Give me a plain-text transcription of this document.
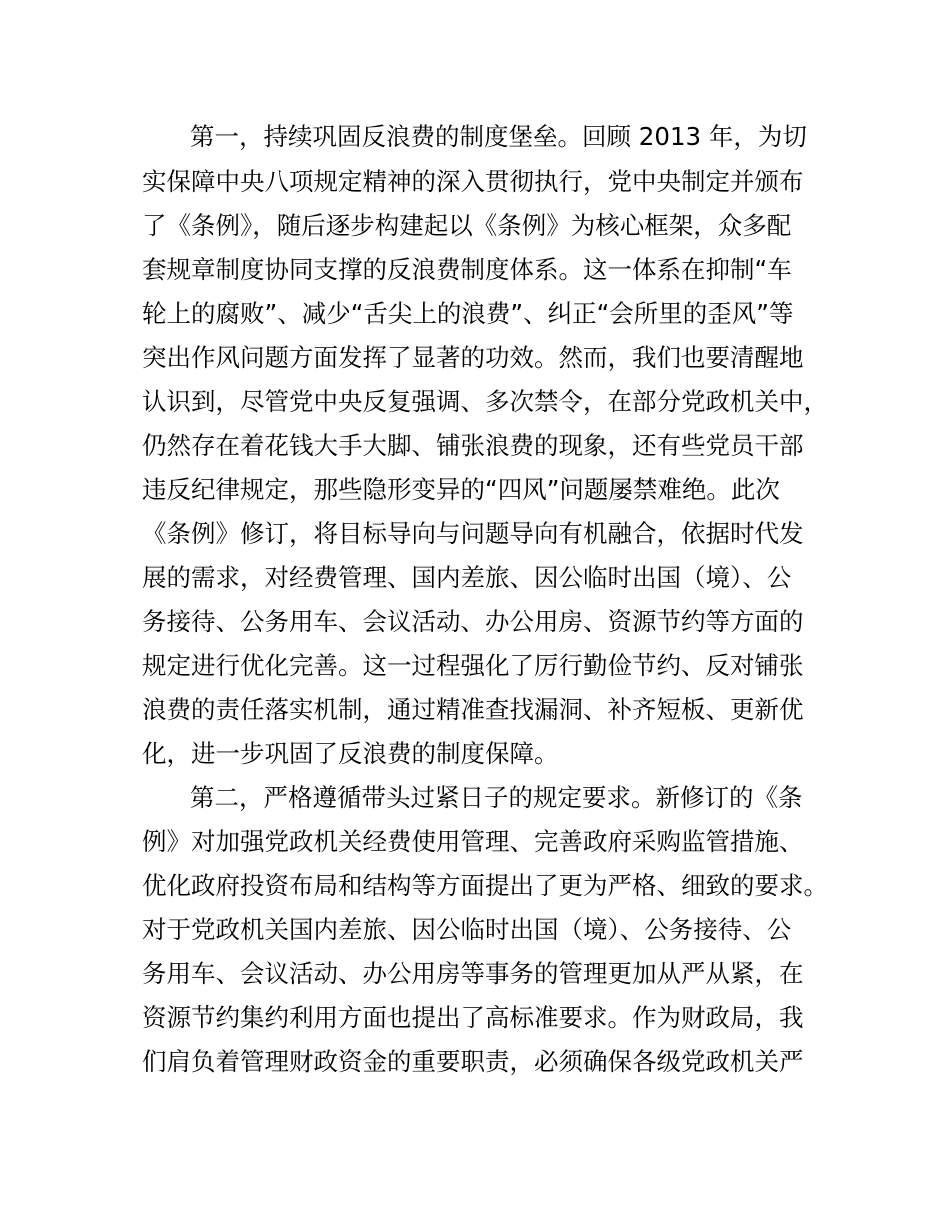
第一，持续巩固反浪费的制度堡垒。回顾 2013 年，为切
实保障中央八项规定精神的深入贯彻执行，党中央制定并颁布
了《条例》，随后逐步构建起以《条例》为核心框架，众多配
套规章制度协同支撑的反浪费制度体系。这一体系在抑制“车
轮上的腐败”、减少“舌尖上的浪费”、纠正“会所里的歪风”等
突出作风问题方面发挥了显著的功效。然而，我们也要清醒地
认识到，尽管党中央反复强调、多次禁令，在部分党政机关中，
仍然存在着花钱大手大脚、铺张浪费的现象，还有些党员干部
违反纪律规定，那些隐形变异的“四风”问题屡禁难绝。此次
《条例》修订，将目标导向与问题导向有机融合，依据时代发
展的需求，对经费管理、国内差旅、因公临时出国（境）、公
务接待、公务用车、会议活动、办公用房、资源节约等方面的
规定进行优化完善。这一过程强化了厉行勤俭节约、反对铺张
浪费的责任落实机制，通过精准查找漏洞、补齐短板、更新优
化，进一步巩固了反浪费的制度保障。
第二，严格遵循带头过紧日子的规定要求。新修订的《条
例》对加强党政机关经费使用管理、完善政府采购监管措施、
优化政府投资布局和结构等方面提出了更为严格、细致的要求。
对于党政机关国内差旅、因公临时出国（境）、公务接待、公
务用车、会议活动、办公用房等事务的管理更加从严从紧，在
资源节约集约利用方面也提出了高标准要求。作为财政局，我
们肩负着管理财政资金的重要职责，必须确保各级党政机关严
